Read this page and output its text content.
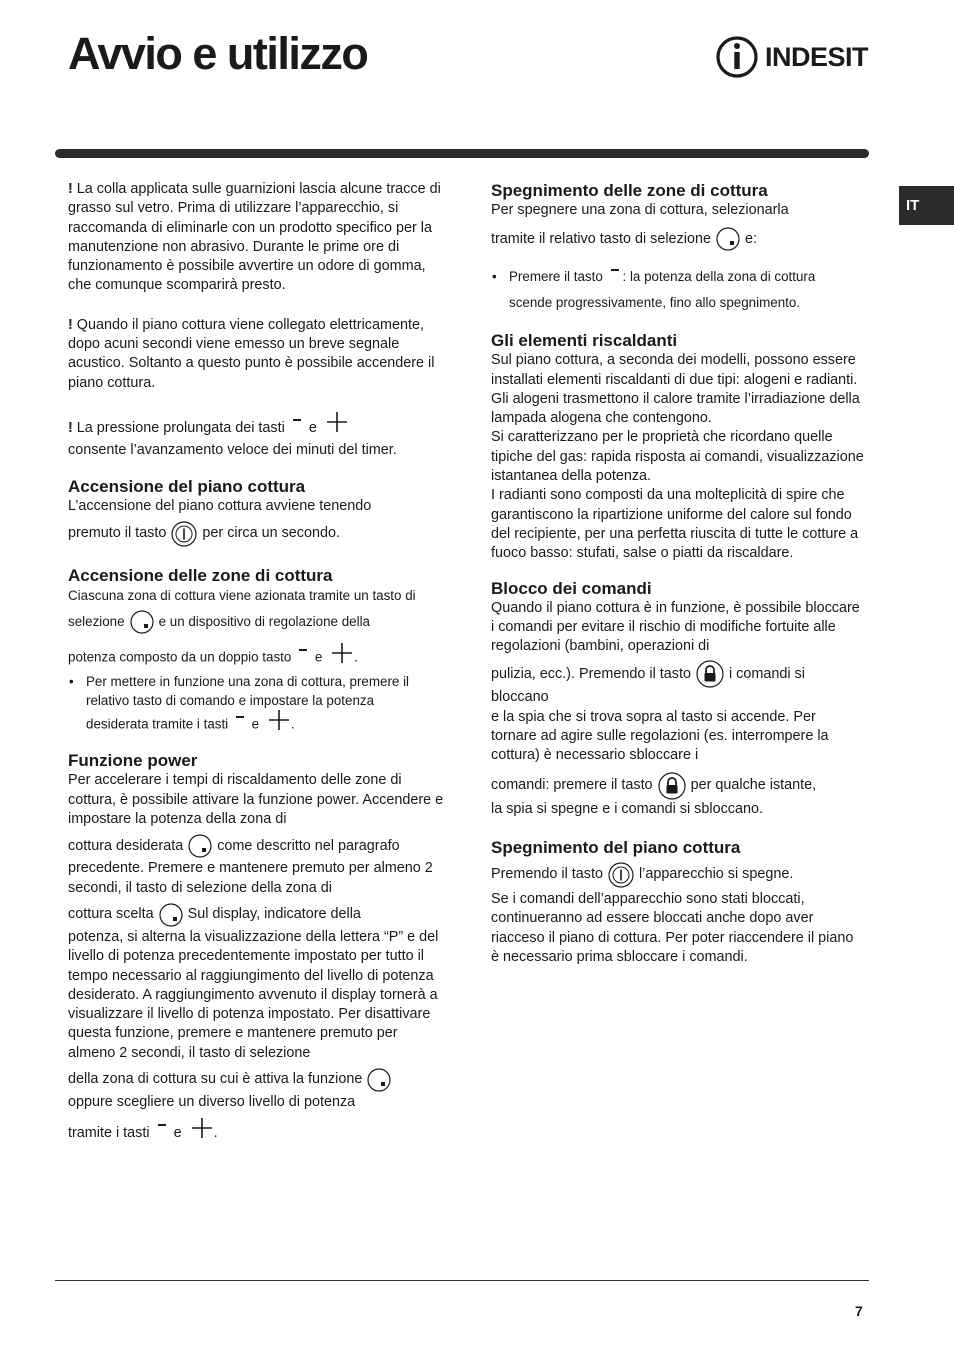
Avvio e utilizzo	INDESIT
IT

! La colla applicata sulle guarnizioni lascia alcune tracce di grasso sul vetro. Prima di utilizzare l’apparecchio, si raccomanda di eliminarle con un prodotto specifico per la manutenzione non abrasivo. Durante le prime ore di funzionamento è possibile avvertire un odore di gomma, che comunque scomparirà presto.

! Quando il piano cottura viene collegato elettricamente, dopo acuni secondi viene emesso un breve segnale acustico. Soltanto a questo punto è possibile accendere il piano cottura.

! La pressione prolungata dei tasti e

consente l’avanzamento veloce dei minuti del timer.

Accensione del piano cottura

L’accensione del piano cottura avviene tenendo

premuto il tasto	per circa un secondo.

Accensione delle zone di cottura

Ciascuna zona di cottura viene azionata tramite un tasto di

selezione	e un dispositivo di regolazione della

potenza composto da un doppio tasto e .

• Per mettere in funzione una zona di cottura, premere il relativo tasto di comando e impostare la potenza

desiderata tramite i tasti e .

Funzione power

Per accelerare i tempi di riscaldamento delle zone di cottura, è possibile attivare la funzione power. Accendere e impostare la potenza della zona di

cottura desiderata come descritto nel paragrafo

precedente. Premere e mantenere premuto per almeno 2 secondi, il tasto di selezione della zona di

cottura scelta Sul display, indicatore della

potenza, si alterna la visualizzazione della lettera “P” e del livello di potenza precedentemente impostato per tutto il tempo necessario al raggiungimento del livello di potenza desiderato. A raggiungimento avvenuto il display tornerà a visualizzare il livello di potenza impostato. Per disattivare questa funzione, premere e mantenere premuto per almeno 2 secondi, il tasto di selezione

della zona di cottura su cui è attiva la funzione

oppure scegliere un diverso livello di potenza

tramite i tasti e .

Spegnimento delle zone di cottura

Per spegnere una zona di cottura, selezionarla

tramite il relativo tasto di selezione e:

• Premere il tasto : la potenza della zona di cottura
scende progressivamente, fino allo spegnimento.
Gli elementi riscaldanti

Sul piano cottura, a seconda dei modelli, possono essere installati elementi riscaldanti di due tipi: alogeni e radianti.

Gli alogeni trasmettono il calore tramite l’irradiazione della lampada alogena che contengono.

Si caratterizzano per le proprietà che ricordano quelle tipiche del gas: rapida risposta ai comandi, visualizzazione istantanea della potenza.

I radianti sono composti da una molteplicità di spire che garantiscono la ripartizione uniforme del calore sul fondo del recipiente, per una perfetta riuscita di tutte le cotture a fuoco basso: stufati, salse o piatti da riscaldare.

Blocco dei comandi

Quando il piano cottura è in funzione, è possibile bloccare i comandi per evitare il rischio di modifiche fortuite alle regolazioni (bambini, operazioni di

pulizia, ecc.). Premendo il tasto	i comandi si

bloccano

e la spia che si trova sopra al tasto si accende. Per tornare ad agire sulle regolazioni (es. interrompere la cottura) è necessario sbloccare i

comandi: premere il tasto	per qualche istante,

la spia si spegne e i comandi si sbloccano.

Spegnimento del piano cottura

Premendo il tasto	l’apparecchio si spegne.

Se i comandi dell’apparecchio sono stati bloccati, continueranno ad essere bloccati anche dopo aver riacceso il piano di cottura. Per poter riaccendere il piano è necessario prima sbloccare i comandi.

7
